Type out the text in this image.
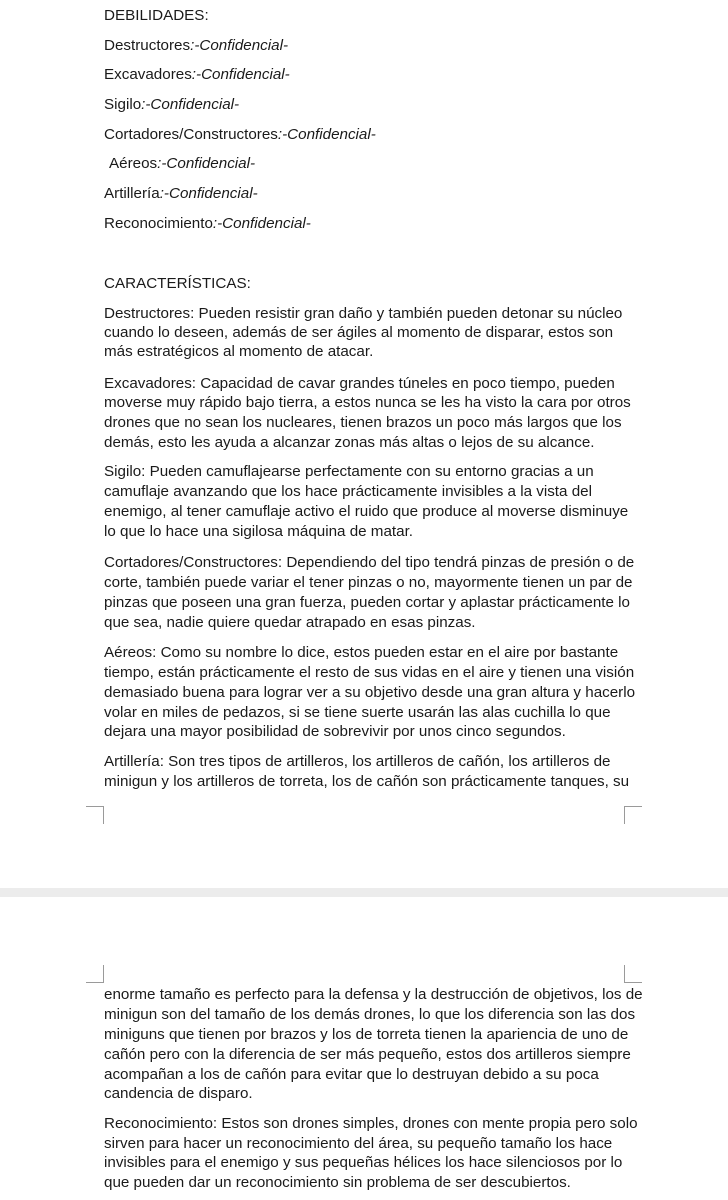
DEBILIDADES:
Destructores:-Confidencial-
Excavadores:-Confidencial-
Sigilo:-Confidencial-
Cortadores/Constructores:-Confidencial-
Aéreos:-Confidencial-
Artillería:-Confidencial-
Reconocimiento:-Confidencial-
CARACTERÍSTICAS:
Destructores: Pueden resistir gran daño y también pueden detonar su núcleo
cuando lo deseen, además de ser ágiles al momento de disparar, estos son
más estratégicos al momento de atacar.
Excavadores: Capacidad de cavar grandes túneles en poco tiempo, pueden
moverse muy rápido bajo tierra, a estos nunca se les ha visto la cara por otros
drones que no sean los nucleares, tienen brazos un poco más largos que los
demás, esto les ayuda a alcanzar zonas más altas o lejos de su alcance.
Sigilo: Pueden camuflajearse perfectamente con su entorno gracias a un
camuflaje avanzando que los hace prácticamente invisibles a la vista del
enemigo, al tener camuflaje activo el ruido que produce al moverse disminuye
lo que lo hace una sigilosa máquina de matar.
Cortadores/Constructores: Dependiendo del tipo tendrá pinzas de presión o de
corte, también puede variar el tener pinzas o no, mayormente tienen un par de
pinzas que poseen una gran fuerza, pueden cortar y aplastar prácticamente lo
que sea, nadie quiere quedar atrapado en esas pinzas.
Aéreos: Como su nombre lo dice, estos pueden estar en el aire por bastante
tiempo, están prácticamente el resto de sus vidas en el aire y tienen una visión
demasiado buena para lograr ver a su objetivo desde una gran altura y hacerlo
volar en miles de pedazos, si se tiene suerte usarán las alas cuchilla lo que
dejara una mayor posibilidad de sobrevivir por unos cinco segundos.
Artillería: Son tres tipos de artilleros, los artilleros de cañón, los artilleros de
minigun y los artilleros de torreta, los de cañón son prácticamente tanques, su
enorme tamaño es perfecto para la defensa y la destrucción de objetivos, los de
minigun son del tamaño de los demás drones, lo que los diferencia son las dos
miniguns que tienen por brazos y los de torreta tienen la apariencia de uno de
cañón pero con la diferencia de ser más pequeño, estos dos artilleros siempre
acompañan a los de cañón para evitar que lo destruyan debido a su poca
candencia de disparo.
Reconocimiento: Estos son drones simples, drones con mente propia pero solo
sirven para hacer un reconocimiento del área, su pequeño tamaño los hace
invisibles para el enemigo y sus pequeñas hélices los hace silenciosos por lo
que pueden dar un reconocimiento sin problema de ser descubiertos.
